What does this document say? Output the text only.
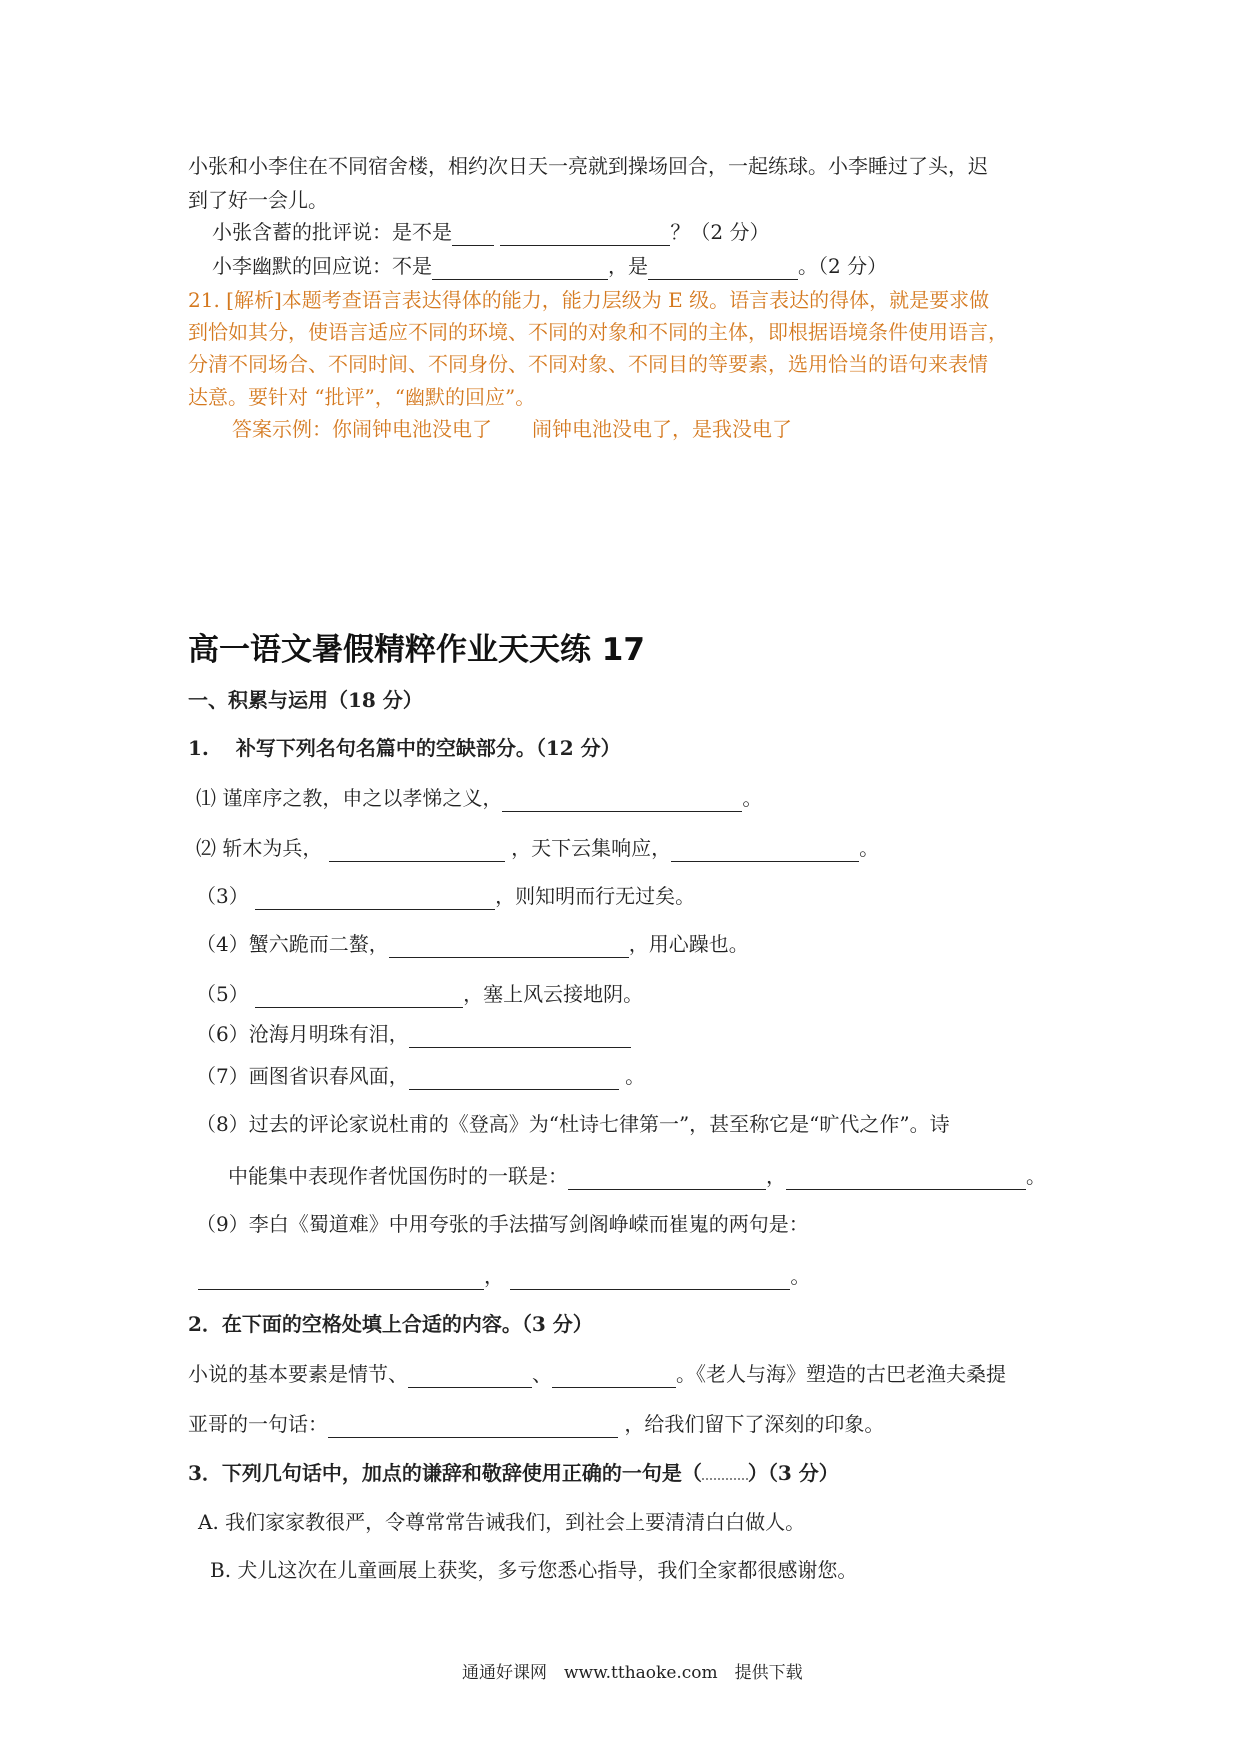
小张和小李住在不同宿舍楼，相约次日天一亮就到操场回合，一起练球。小李睡过了头，迟
到了好一会儿。
小张含蓄的批评说：是不是	？（2 分）
小李幽默的回应说：不是	，是	。（2 分）
21. [解析]本题考查语言表达得体的能力，能力层级为 E 级。语言表达的得体，就是要求做
到恰如其分，使语言适应不同的环境、不同的对象和不同的主体，即根据语境条件使用语言，
分清不同场合、不同时间、不同身份、不同对象、不同目的等要素，选用恰当的语句来表情
达意。要针对 “批评”，“幽默的回应”。
答案示例：你闹钟电池没电了　　闹钟电池没电了，是我没电了
高一语文暑假精粹作业天天练 17
一、积累与运用（18 分）
1.　 补写下列名句名篇中的空缺部分。（12 分）
⑴ 谨庠序之教，申之以孝悌之义，	。
⑵ 斩木为兵，	，天下云集响应，	。
（3）	，则知明而行无过矣。
（4）蟹六跪而二螯，	，用心躁也。
（5）	，塞上风云接地阴。
（6）沧海月明珠有泪，
（7）画图省识春风面，	。
（8）过去的评论家说杜甫的《登高》为“杜诗七律第一”，甚至称它是“旷代之作”。诗
中能集中表现作者忧国伤时的一联是：	，	。
（9）李白《蜀道难》中用夸张的手法描写剑阁峥嵘而崔嵬的两句是：
，	。
2．在下面的空格处填上合适的内容。（3 分）
小说的基本要素是情节、	、	。《老人与海》塑造的古巴老渔夫桑提
亚哥的一句话：	，给我们留下了深刻的印象。
3．下列几句话中，加点的谦辞和敬辞使用正确的一句是（ ）（3 分）
A. 我们家家教很严，令尊常常告诫我们，到社会上要清清白白做人。
B. 犬儿这次在儿童画展上获奖，多亏您悉心指导，我们全家都很感谢您。
通通好课网　www.tthaoke.com　提供下载
